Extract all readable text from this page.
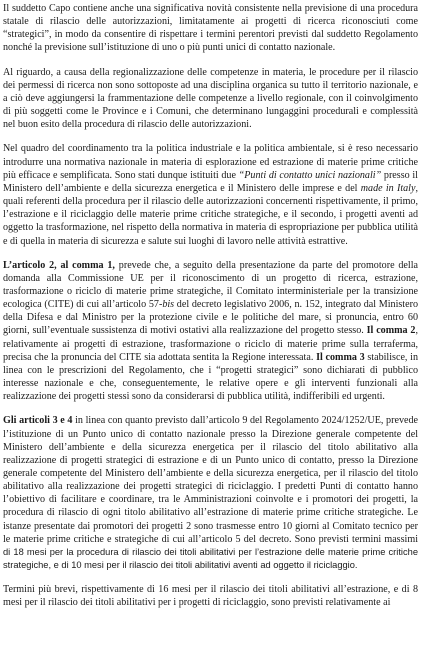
Il suddetto Capo contiene anche una significativa novità consistente nella previsione di una procedura statale di rilascio delle autorizzazioni, limitatamente ai progetti di ricerca riconosciuti come “strategici”, in modo da consentire di rispettare i termini perentori previsti dal suddetto Regolamento nonché la previsione sull’istituzione di uno o più punti unici di contatto nazionale.

Al riguardo, a causa della regionalizzazione delle competenze in materia, le procedure per il rilascio dei permessi di ricerca non sono sottoposte ad una disciplina organica su tutto il territorio nazionale, e a ciò deve aggiungersi la frammentazione delle competenze a livello regionale, con il coinvolgimento di più soggetti come le Province e i Comuni, che determinano lungaggini procedurali e complessità nel buon esito della procedura di rilascio delle autorizzazioni.

Nel quadro del coordinamento tra la politica industriale e la politica ambientale, si è reso necessario introdurre una normativa nazionale in materia di esplorazione ed estrazione di materie prime critiche più efficace e semplificata. Sono stati dunque istituiti due “Punti di contatto unici nazionali” presso il Ministero dell’ambiente e della sicurezza energetica e il Ministero delle imprese e del made in Italy, quali referenti della procedura per il rilascio delle autorizzazioni concernenti rispettivamente, il primo, l’estrazione e il riciclaggio delle materie prime critiche strategiche, e il secondo, i progetti aventi ad oggetto la trasformazione, nel rispetto della normativa in materia di espropriazione per pubblica utilità e di quella in materia di sicurezza e salute sui luoghi di lavoro nelle attività estrattive.

L’articolo 2, al comma 1, prevede che, a seguito della presentazione da parte del promotore della domanda alla Commissione UE per il riconoscimento di un progetto di ricerca, estrazione, trasformazione o riciclo di materie prime strategiche, il Comitato interministeriale per la transizione ecologica (CITE) di cui all’articolo 57-bis del decreto legislativo 2006, n. 152, integrato dal Ministero della Difesa e dal Ministro per la protezione civile e le politiche del mare, si pronuncia, entro 60 giorni, sull’eventuale sussistenza di motivi ostativi alla realizzazione del progetto stesso. Il comma 2, relativamente ai progetti di estrazione, trasformazione o riciclo di materie prime sulla terraferma, precisa che la pronuncia del CITE sia adottata sentita la Regione interessata. Il comma 3 stabilisce, in linea con le prescrizioni del Regolamento, che i “progetti strategici” sono dichiarati di pubblico interesse nazionale e che, conseguentemente, le relative opere e gli interventi funzionali alla realizzazione dei progetti stessi sono da considerarsi di pubblica utilità, indifferibili ed urgenti.

Gli articoli 3 e 4 in linea con quanto previsto dall’articolo 9 del Regolamento 2024/1252/UE, prevede l’istituzione di un Punto unico di contatto nazionale presso la Direzione generale competente del Ministero dell’ambiente e della sicurezza energetica per il rilascio del titolo abilitativo alla realizzazione di progetti strategici di estrazione e di un Punto unico di contatto, presso la Direzione generale competente del Ministero dell’ambiente e della sicurezza energetica, per il rilascio del titolo abilitativo alla realizzazione dei progetti strategici di riciclaggio. I predetti Punti di contatto hanno l’obiettivo di facilitare e coordinare, tra le Amministrazioni coinvolte e i promotori dei progetti, la procedura di rilascio di ogni titolo abilitativo all’estrazione di materie prime critiche strategiche. Le istanze presentate dai promotori dei progetti 2 sono trasmesse entro 10 giorni al Comitato tecnico per le materie prime critiche e strategiche di cui all’articolo 5 del decreto. Sono previsti termini massimi di 18 mesi per la procedura di rilascio dei titoli abilitativi per l’estrazione delle materie prime critiche strategiche, e di 10 mesi per il rilascio dei titoli abilitativi aventi ad oggetto il riciclaggio.

Termini più brevi, rispettivamente di 16 mesi per il rilascio dei titoli abilitativi all’estrazione, e di 8 mesi per il rilascio dei titoli abilitativi per i progetti di riciclaggio, sono previsti relativamente ai
